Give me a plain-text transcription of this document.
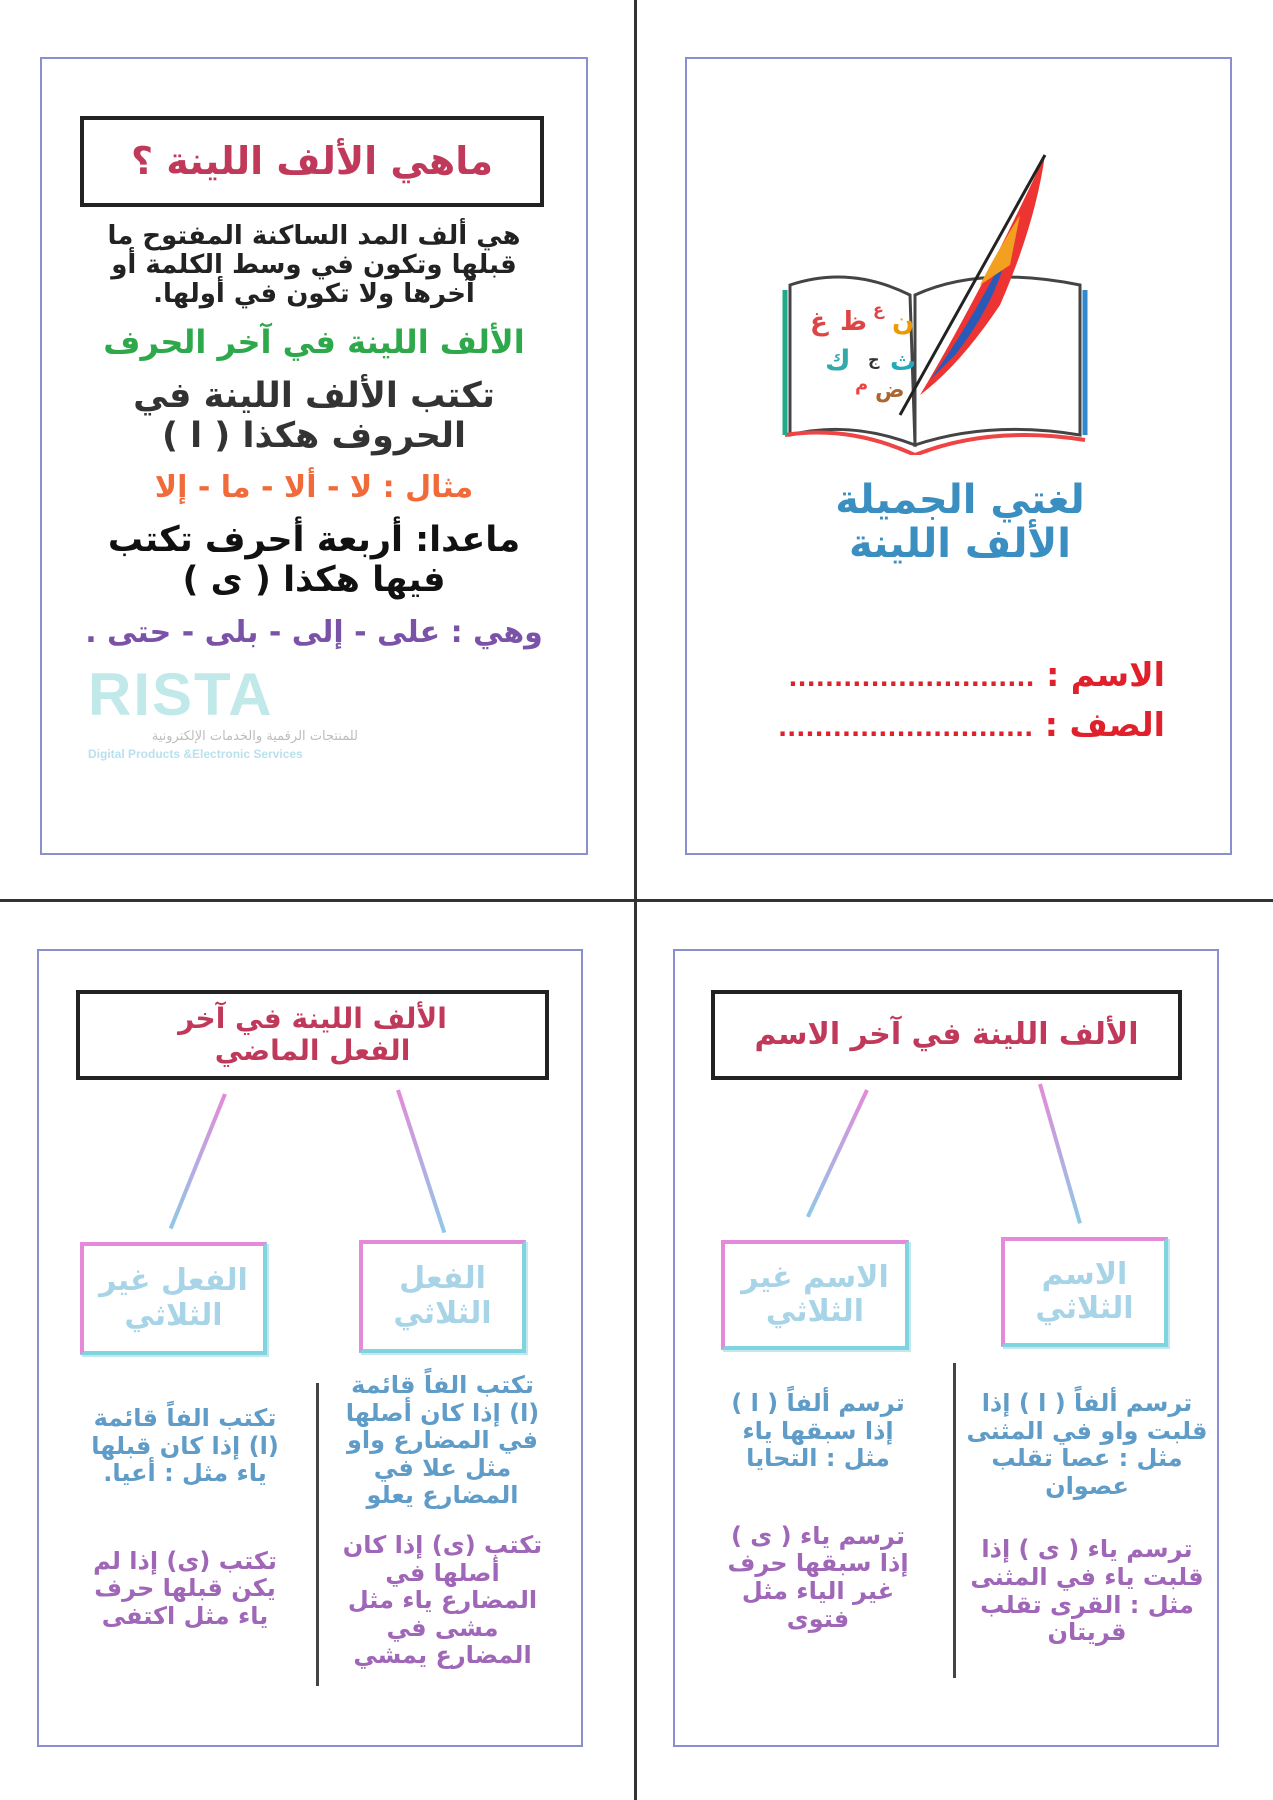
ماهي الألف اللينة ؟
هي ألف المد الساكنة المفتوح ما قبلها وتكون في وسط الكلمة أو آخرها ولا تكون في أولها.
الألف اللينة في آخر الحرف
تكتب الألف اللينة في الحروف هكذا ( ا )
مثال : لا - ألا - ما - إلا
ماعدا: أربعة أحرف تكتب فيها هكذا ( ى )
وهي : على - إلى - بلى - حتى .
RISTA
للمنتجات الرقمية والخدمات الإلكترونية
Digital Products &Electronic Services
غ ظ ع ن
ك ج ث
م ض
لغتي الجميلة
الألف اللينة
الاسم : ...........................
الصف : ............................
الألف اللينة في آخر الفعل الماضي
الفعل غير الثلاثي
الفعل الثلاثي
تكتب الفاً قائمة (ا) إذا كان أصلها في المضارع واو مثل علا في المضارع يعلو
تكتب (ى) إذا كان أصلها في المضارع ياء مثل مشى في المضارع يمشي
تكتب الفاً قائمة (ا) إذا كان قبلها ياء مثل : أعيا.
تكتب (ى) إذا لم يكن قبلها حرف ياء مثل اكتفى
الألف اللينة في آخر الاسم
الاسم غير الثلاثي
الاسم الثلاثي
ترسم ألفاً ( ا ) إذا قلبت واو في المثنى مثل : عصا تقلب عصوان
ترسم ياء ( ى ) إذا قلبت ياء في المثنى مثل : القرى تقلب قريتان
ترسم ألفاً ( ا ) إذا سبقها ياء مثل : التحايا
ترسم ياء ( ى ) إذا سبقها حرف غير الياء مثل فتوى
